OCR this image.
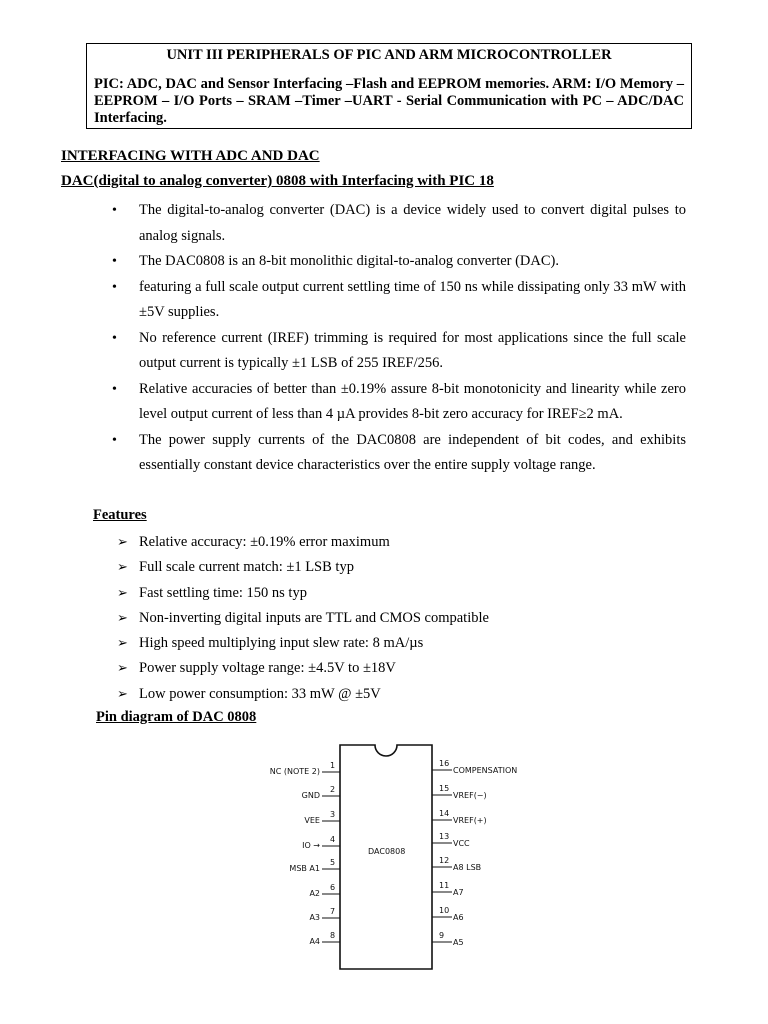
UNIT III PERIPHERALS OF PIC AND ARM MICROCONTROLLER
PIC: ADC, DAC and Sensor Interfacing –Flash and EEPROM memories. ARM: I/O Memory – EEPROM – I/O Ports – SRAM –Timer –UART - Serial Communication with PC – ADC/DAC Interfacing.
INTERFACING WITH ADC AND DAC
DAC(digital to analog converter) 0808 with Interfacing with PIC 18
• The digital-to-analog converter (DAC) is a device widely used to convert digital pulses to analog signals.
• The DAC0808 is an 8-bit monolithic digital-to-analog converter (DAC).
• featuring a full scale output current settling time of 150 ns while dissipating only 33 mW with ±5V supplies.
• No reference current (IREF) trimming is required for most applications since the full scale output current is typically ±1 LSB of 255 IREF/256.
• Relative accuracies of better than ±0.19% assure 8-bit monotonicity and linearity while zero level output current of less than 4 µA provides 8-bit zero accuracy for IREF≥2 mA.
• The power supply currents of the DAC0808 are independent of bit codes, and exhibits essentially constant device characteristics over the entire supply voltage range.
Features
➢ Relative accuracy: ±0.19% error maximum
➢ Full scale current match: ±1 LSB typ
➢ Fast settling time: 150 ns typ
➢ Non-inverting digital inputs are TTL and CMOS compatible
➢ High speed multiplying input slew rate: 8 mA/µs
➢ Power supply voltage range: ±4.5V to ±18V
➢ Low power consumption: 33 mW @ ±5V
Pin diagram of DAC 0808
DAC0808
1
NC (NOTE 2)
2
GND
3
VEE
4
IO →
5
MSB A1
6
A2
7
A3
8
A4
16
COMPENSATION
15
VREF(−)
14
VREF(+)
13
VCC
12
A8 LSB
11
A7
10
A6
9
A5
